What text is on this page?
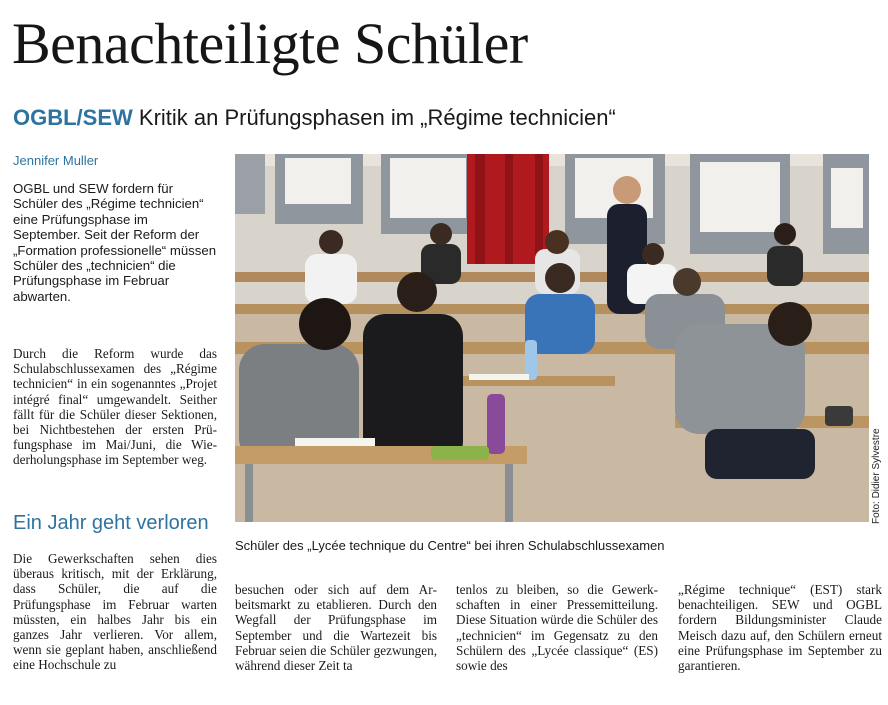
Benachteiligte Schüler
OGBL/SEW Kritik an Prüfungsphasen im „Régime technicien“
Jennifer Muller
OGBL und SEW fordern für Schüler des „Régime technicien“ eine Prüfungsphase im September. Seit der Reform der „Formation professionelle“ müssen Schüler des „technicien“ die Prüfungsphase im Februar abwarten.
Durch die Reform wurde das Schulabschlussexamen des „Régime technicien“ in ein sogenanntes „Projet intégré final“ umgewandelt. Seither fällt für die Schüler dieser Sektionen, bei Nichtbestehen der ersten Prüfungsphase im Mai/Juni, die Wiederholungsphase im September weg.
Ein Jahr geht verloren
Die Gewerkschaften sehen dies überaus kritisch, mit der Erklärung, dass Schüler, die auf die Prüfungsphase im Februar warten müssten, ein halbes Jahr bis ein ganzes Jahr verlieren. Vor allem, wenn sie geplant haben, anschließend eine Hochschule zu
Foto: Didier Sylvestre
Schüler des „Lycée technique du Centre“ bei ihren Schulabschlussexamen
besuchen oder sich auf dem Arbeitsmarkt zu etablieren. Durch den Wegfall der Prüfungsphase im September und die Wartezeit bis Februar seien die Schüler gezwungen, während dieser Zeit ta
tenlos zu bleiben, so die Gewerkschaften in einer Pressemitteilung. Diese Situation würde die Schüler des „technicien“ im Gegensatz zu den Schülern des „Lycée classique“ (ES) sowie des
„Régime technique“ (EST) stark benachteiligen. SEW und OGBL fordern Bildungsminister Claude Meisch dazu auf, den Schülern erneut eine Prüfungsphase im September zu garantieren.
